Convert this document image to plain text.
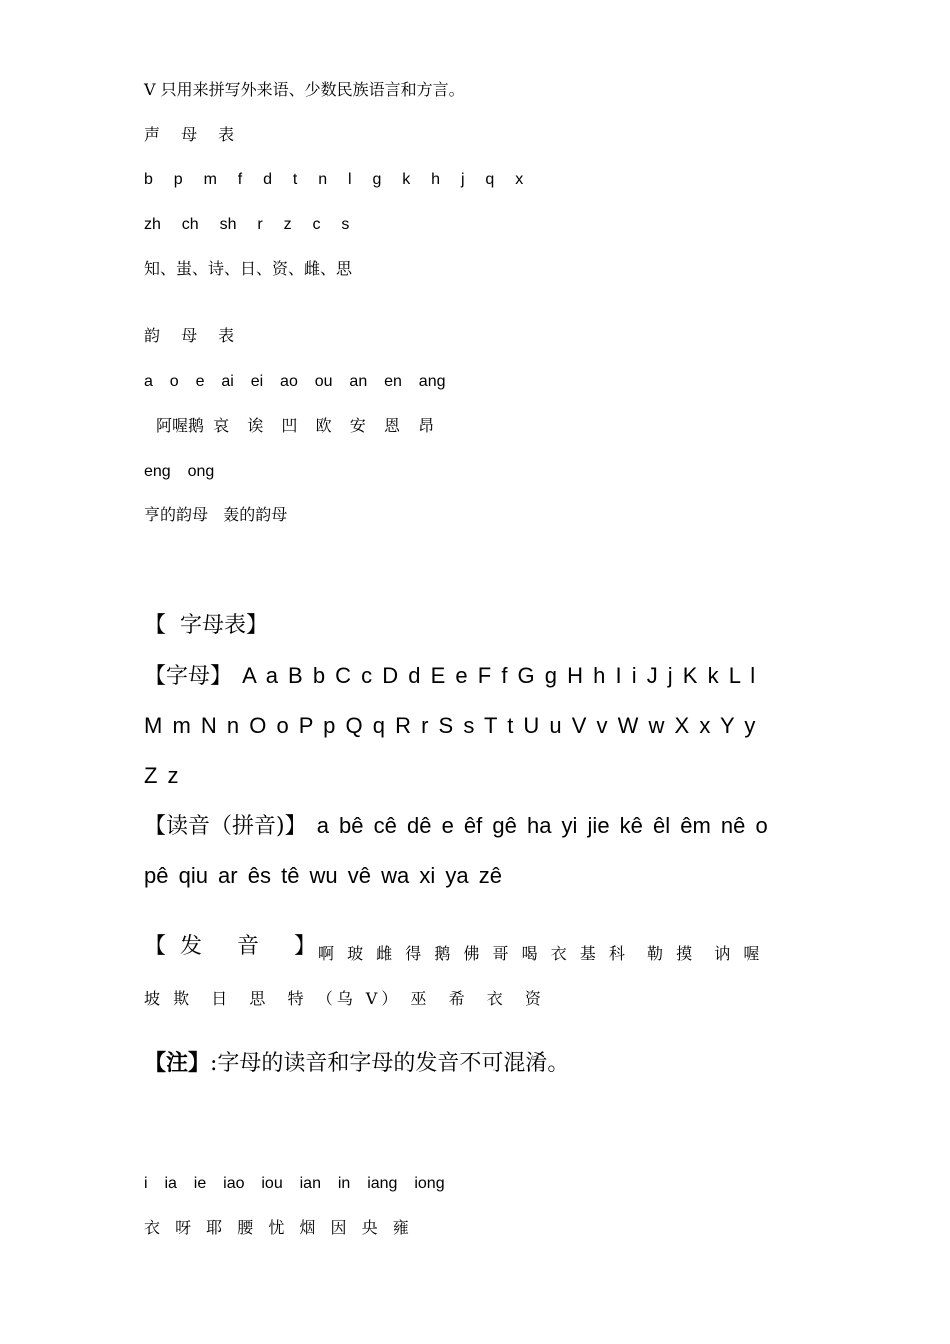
V 只用来拼写外来语、少数民族语言和方言。
声 母 表
b  p  m  f  d  t  n  l  g  k  h  j  q  x
zh  ch  sh  r  z  c  s
知、蚩、诗、日、资、雌、思
韵 母 表
a  o  e  ai  ei  ao  ou  an  en  ang
阿喔鹅 哀  诶  凹  欧  安  恩  昂
eng  ong
亨的韵母   轰的韵母
【  字母表】
【字母】 A a B b C c D d E e F f G g H h I i J j K k L l
M m N n O o P p Q q R r S s T t U u V v W w X x Y y
Z z
【读音（拼音)】 a bê cê dê e êf gê ha yi jie kê êl êm nê o
pê qiu ar ês tê wu vê wa xi ya zê
【发 音 】
啊 玻 雌 得 鹅 佛 哥 喝 衣 基 科  勒 摸  讷 喔
坡 欺  日  思  特 （乌 V） 巫  希  衣  资
【注】:字母的读音和字母的发音不可混淆。
i  ia  ie  iao  iou  ian  in  iang  iong
衣 呀 耶 腰 忧 烟 因 央 雍
